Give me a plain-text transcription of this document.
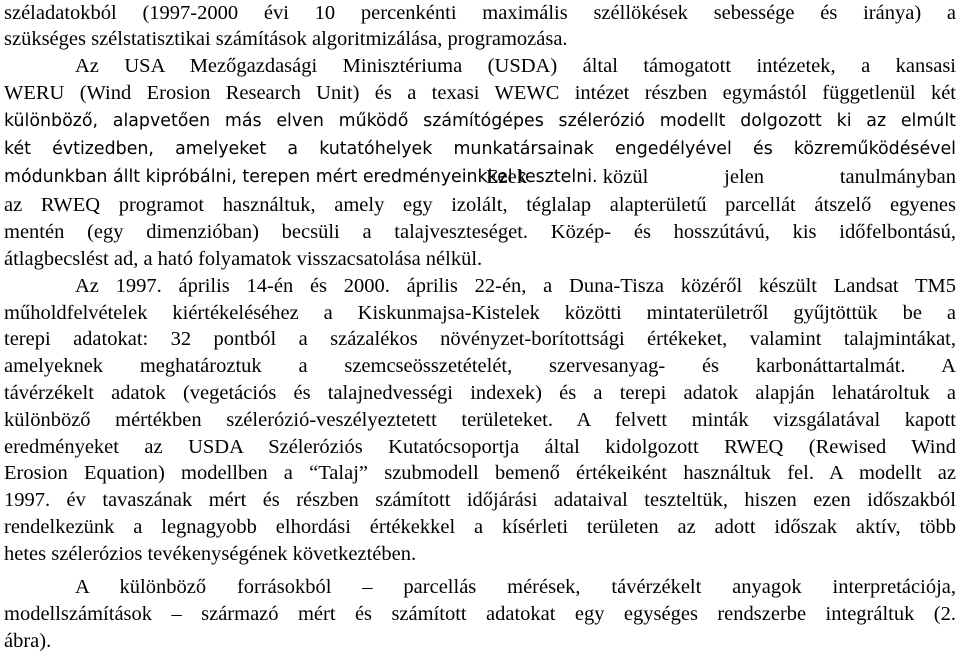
széladatokból (1997-2000 évi 10 percenkénti maximális széllökések sebessége és iránya) a
szükséges szélstatisztikai számítások algoritmizálása, programozása.
Az USA Mezőgazdasági Minisztériuma (USDA) által támogatott intézetek, a kansasi
WERU (Wind Erosion Research Unit) és a texasi WEWC intézet részben egymástól függetlenül két
különböző, alapvetően más elven működő számítógépes szélerózió modellt dolgozott ki az elmúlt
két évtizedben, amelyeket a kutatóhelyek munkatársainak engedélyével és közreműködésével
módunkban állt kipróbálni, terepen mért eredményeinkkel tesztelni.
Ezek közül jelen tanulmányban
az RWEQ programot használtuk, amely egy izolált, téglalap alapterületű parcellát átszelő egyenes
mentén (egy dimenzióban) becsüli a talajveszteséget. Közép- és hosszútávú, kis időfelbontású,
átlagbecslést ad, a ható folyamatok visszacsatolása nélkül.
Az 1997. április 14-én és 2000. április 22-én, a Duna-Tisza közéről készült Landsat TM5
műholdfelvételek kiértékeléséhez a Kiskunmajsa-Kistelek közötti mintaterületről gyűjtöttük be a
terepi adatokat: 32 pontból a százalékos növényzet-borítottsági értékeket, valamint talajmintákat,
amelyeknek meghatároztuk a szemcseösszetételét, szervesanyag- és karbonáttartalmát. A
távérzékelt adatok (vegetációs és talajnedvességi indexek) és a terepi adatok alapján lehatároltuk a
különböző mértékben szélerózió-veszélyeztetett területeket. A felvett minták vizsgálatával kapott
eredményeket az USDA Széleróziós Kutatócsoportja által kidolgozott RWEQ (Rewised Wind
Erosion Equation) modellben a “Talaj” szubmodell bemenő értékeiként használtuk fel. A modellt az
1997. év tavaszának mért és részben számított időjárási adataival teszteltük, hiszen ezen időszakból
rendelkezünk a legnagyobb elhordási értékekkel a kísérleti területen az adott időszak aktív, több
hetes szélerózios tevékenységének következtében.
A különböző forrásokból – parcellás mérések, távérzékelt anyagok interpretációja,
modellszámítások – származó mért és számított adatokat egy egységes rendszerbe integráltuk (2.
ábra).
